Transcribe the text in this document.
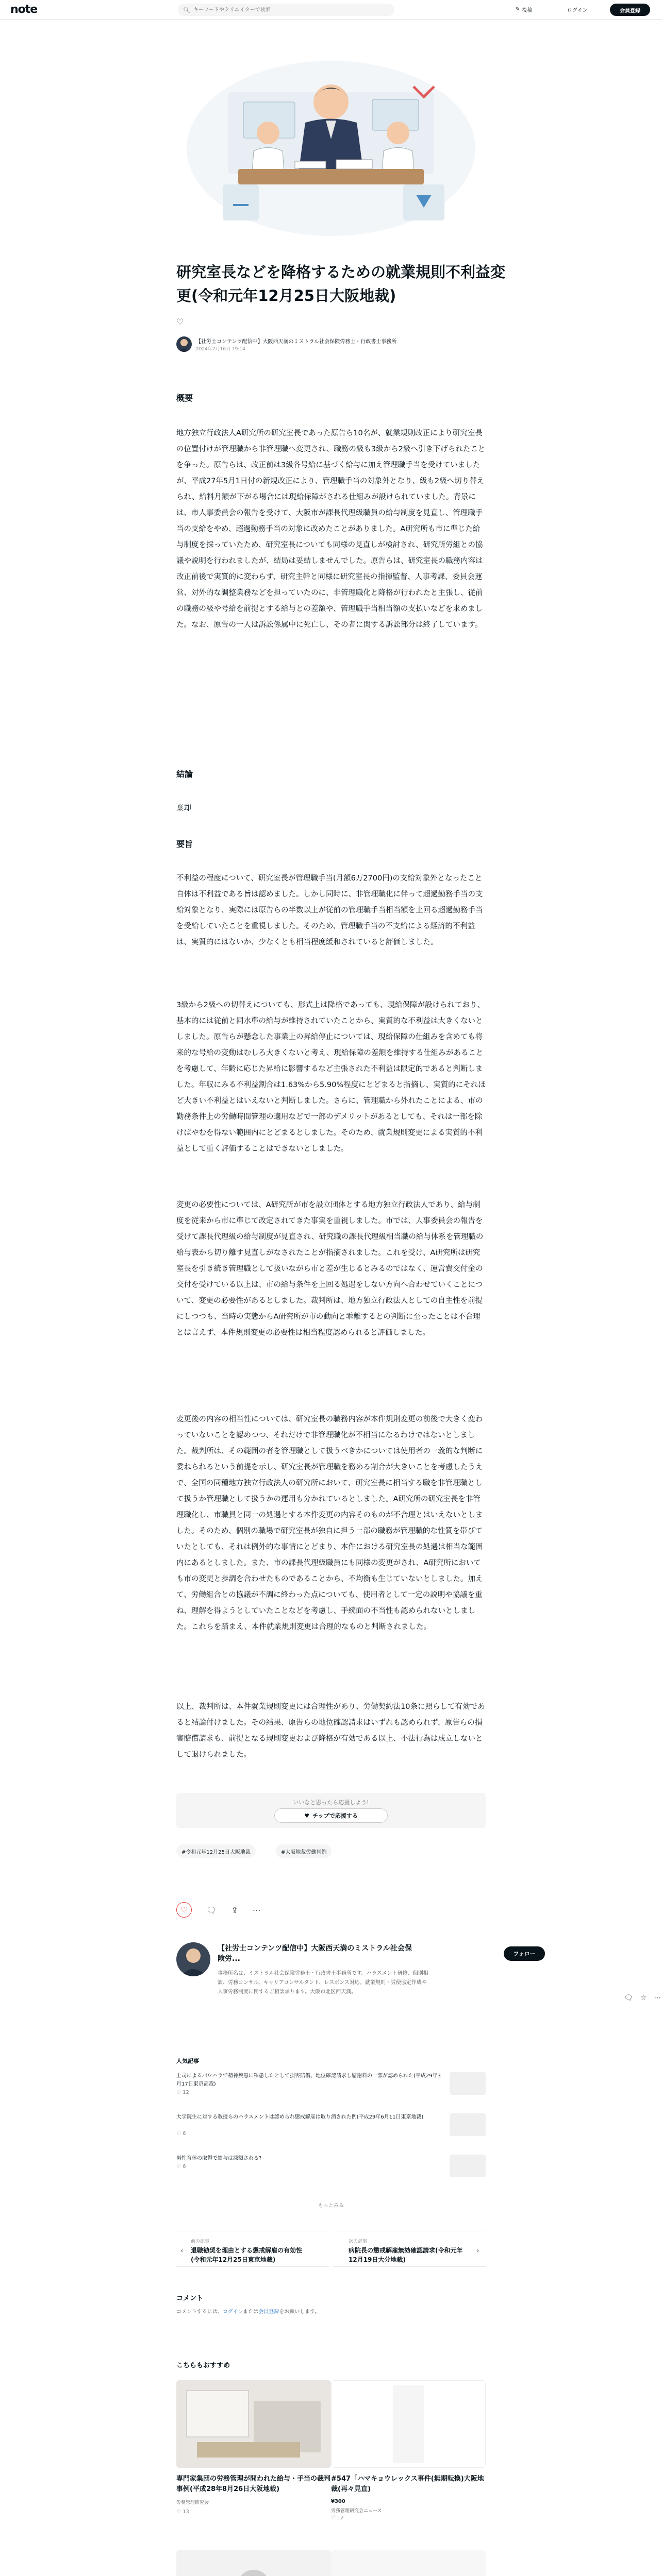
note	🔍︎
キーワードやクリエイターで検索	✎ 投稿	ログイン	会員登録
研究室長などを降格するための就業規則不利益変更(令和元年12月25日大阪地裁)
♡
【社労士コンテンツ配信中】大阪西天満のミストラル社会保険労務士・行政書士事務所
2024年7月16日 19:14
概要
地方独立行政法人A研究所の研究室長であった原告ら10名が、就業規則改正により研究室長の位置付けが管理職から非管理職へ変更され、職務の級も3級から2級へ引き下げられたことを争った。原告らは、改正前は3級各号給に基づく給与に加え管理職手当を受けていましたが、平成27年5月1日付の新規改正により、管理職手当の対象外となり、級も2級へ切り替えられ、給料月額が下がる場合には現給保障がされる仕組みが設けられていました。背景には、市人事委員会の報告を受けて、大阪市が課長代理級職員の給与制度を見直し、管理職手当の支給をやめ、超過勤務手当の対象に改めたことがありました。A研究所も市に準じた給与制度を採っていたため、研究室長についても同様の見直しが検討され、研究所労組との協議や説明を行われましたが、結局は妥結しませんでした。原告らは、研究室長の職務内容は改正前後で実質的に変わらず、研究主幹と同様に研究室長の指揮監督、人事考課、委員会運営、対外的な調整業務などを担っていたのに、非管理職化と降格が行われたと主張し、従前の職務の級や号給を前提とする給与との差額や、管理職手当相当額の支払いなどを求めました。なお、原告の一人は訴訟係属中に死亡し、その者に関する訴訟部分は終了しています。
結論
棄却
要旨
不利益の程度について、研究室長が管理職手当(月額6万2700円)の支給対象外となったこと自体は不利益である旨は認めました。しかし同時に、非管理職化に伴って超過勤務手当の支給対象となり、実際には原告らの半数以上が従前の管理職手当相当額を上回る超過勤務手当を受給していたことを重視しました。そのため、管理職手当の不支給による経済的不利益は、実質的にはないか、少なくとも相当程度緩和されていると評価しました。
3級から2級への切替えについても、形式上は降格であっても、現給保障が設けられており、基本的には従前と同水準の給与が維持されていたことから、実質的な不利益は大きくないとしました。原告らが懸念した事業上の昇給停止については、現給保障の仕組みを含めても将来的な号給の変動はむしろ大きくないと考え、現給保障の差額を維持する仕組みがあることを考慮して、年齢に応じた昇給に影響するなど主張された不利益は限定的であると判断しました。年収にみる不利益割合は1.63%から5.90%程度にとどまると指摘し、実質的にそれほど大きい不利益とはいえないと判断しました。さらに、管理職から外れたことによる、市の勤務条件上の労働時間管理の適用などで一部のデメリットがあるとしても、それは一部を除けばやむを得ない範囲内にとどまるとしました。そのため、就業規則変更による実質的不利益として重く評価することはできないとしました。
変更の必要性については、A研究所が市を設立団体とする地方独立行政法人であり、給与制度を従来から市に準じて改定されてきた事実を重視しました。市では、人事委員会の報告を受けて課長代理級の給与制度が見直され、研究職の課長代理級相当職の給与体系を管理職の給与表から切り離す見直しがなされたことが指摘されました。これを受け、A研究所は研究室長を引き続き管理職として扱いながら市と差が生じるとみるのではなく、運営費交付金の交付を受けている以上は、市の給与条件を上回る処遇をしない方向へ合わせていくことについて、変更の必要性があるとしました。裁判所は、地方独立行政法人としての自主性を前提にしつつも、当時の実態からA研究所が市の動向と乖離するとの判断に至ったことは不合理とは言えず、本件規則変更の必要性は相当程度認められると評価しました。
変更後の内容の相当性については、研究室長の職務内容が本件規則変更の前後で大きく変わっていないことを認めつつ、それだけで非管理職化が不相当になるわけではないとしました。裁判所は、その範囲の者を管理職として扱うべきかについては使用者の一義的な判断に委ねられるという前提を示し、研究室長が管理職を務める割合が大きいことを考慮したうえで、全国の同種地方独立行政法人の研究所において、研究室長に相当する職を非管理職として扱うか管理職として扱うかの運用も分かれているとしました。A研究所の研究室長を非管理職化し、市職員と同一の処遇とする本件変更の内容そのものが不合理とはいえないとしました。そのため、個別の職場で研究室長が独自に担う一部の職務が管理職的な性質を帯びていたとしても、それは例外的な事情にとどまり、本件における研究室長の処遇は相当な範囲内にあるとしました。また、市の課長代理級職員にも同様の変更がされ、A研究所においても市の変更と歩調を合わせたものであることから、不均衡も生じていないとしました。加えて、労働組合との協議が不調に終わった点についても、使用者として一定の説明や協議を重ね、理解を得ようとしていたことなどを考慮し、手続面の不当性も認められないとしました。これらを踏まえ、本件就業規則変更は合理的なものと判断されました。
以上、裁判所は、本件就業規則変更には合理性があり、労働契約法10条に照らして有効であると結論付けました。その結果、原告らの地位確認請求はいずれも認められず、原告らの損害賠償請求も、前提となる規則変更および降格が有効である以上、不法行為は成立しないとして退けられました。
いいなと思ったら応援しよう!
♥ チップで応援する
#令和元年12月25日大阪地裁	#大阪地裁労働判例
♡	🗨︎ ⇪ ⋯
【社労士コンテンツ配信中】大阪西天満のミストラル社会保険労...
フォロー
事務所名は、ミストラル社会保険労務士・行政書士事務所です。ハラスメント研修、個別相談、労務コンサル、キャリアコンサルタント、レスポンス対応。就業規則・労使協定作成や人事労務制度に関するご相談承ります。大阪市北区西天満。
🗨︎ ☆ ⋯
人気記事
上司によるパワハラで精神疾患に罹患したとして損害賠償、地位確認請求し慰謝料の一部が認められた(平成29年3月17日東京高裁)
♡ 12
大学院生に対する教授らのハラスメントは認められ懲戒解雇は取り消された例(平成29年6月11日東京地裁)
♡ 6
男性育休の取得で給与は減額される?
♡ 6
もっとみる
‹
前の記事
退職勧奨を理由とする懲戒解雇の有効性(令和元年12月25日東京地裁)
次の記事
病院長の懲戒解雇無効確認請求(令和元年12月19日大分地裁)
›
コメント
コメントするには、ログインまたは会員登録をお願いします。
こちらもおすすめ
専門家集団の労務管理が問われた給与・手当の裁判事例(平成28年8月26日大阪地裁)
労務管理研究会
♡ 13
#547「ハマキョウレックス事件(無期転換)大阪地裁(再々見直)
¥300
労務管理研究会ニュース
♡ 12
